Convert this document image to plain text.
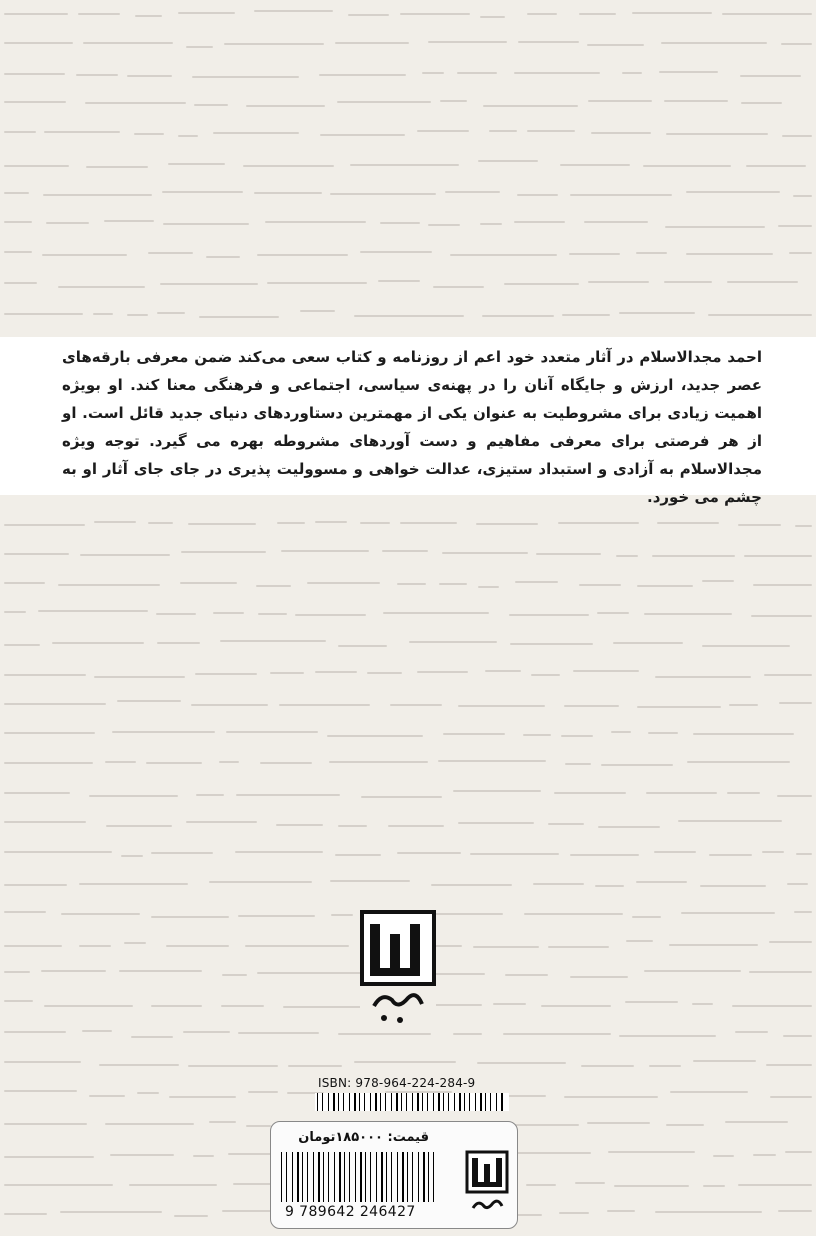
احمد مجدالاسلام در آثار متعدد خود اعم از روزنامه و کتاب سعی می‌کند ضمن معرفی بارقه‌های عصر جدید، ارزش و جایگاه آنان را در پهنه‌ی سیاسی، اجتماعی و فرهنگی معنا کند. او بویژه اهمیت زیادی برای مشروطیت به عنوان یکی از مهمترین دستاوردهای دنیای جدید قائل است. او از هر فرصتی برای معرفی مفاهیم و دست آوردهای مشروطه بهره می گیرد. توجه ویژه مجدالاسلام به آزادی و استبداد ستیزی، عدالت خواهی و مسوولیت پذیری در جای جای آثار او به چشم می خورد.

ISBN: 978-964-224-284-9
قیمت: ۱۸۵۰۰۰تومان
9 789642 246427
